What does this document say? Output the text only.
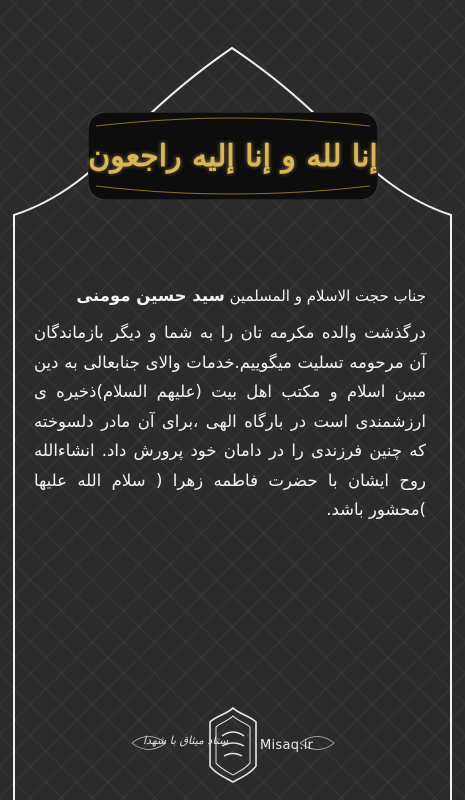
إنا لله و إنا إليه راجعون

جناب حجت الاسلام و المسلمین سید حسین مومنی

درگذشت والده مکرمه تان را به شما و دیگر بازماندگان آن مرحومه تسلیت میگوییم.خدمات والای جنابعالی به دین مبین اسلام و مکتب اهل بیت (علیهم السلام)ذخیره ی ارزشمندی است در بارگاه الهی ،برای آن مادر دلسوخته که چنین فرزندی را در دامان خود پرورش داد. انشاءالله روح ایشان با حضرت فاطمه زهرا ( سلام الله علیها )محشور باشد.

ستاد میثاق با شهدا Misaq.ir
